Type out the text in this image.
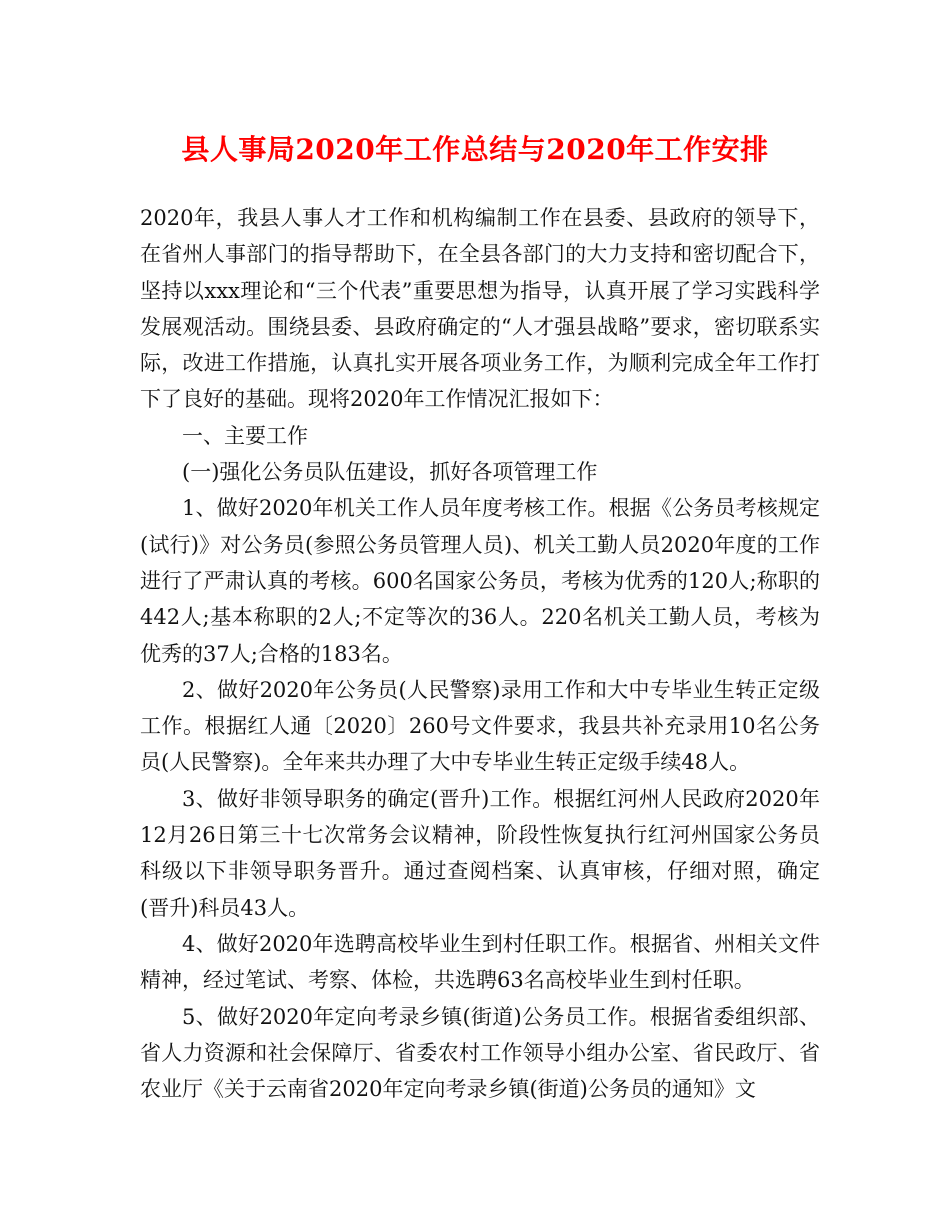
县人事局2020年工作总结与2020年工作安排

2020年，我县人事人才工作和机构编制工作在县委、县政府的领导下，在省州人事部门的指导帮助下，在全县各部门的大力支持和密切配合下，坚持以xxx理论和“三个代表”重要思想为指导，认真开展了学习实践科学发展观活动。围绕县委、县政府确定的“人才强县战略”要求，密切联系实际，改进工作措施，认真扎实开展各项业务工作，为顺利完成全年工作打下了良好的基础。现将2020年工作情况汇报如下：

一、主要工作

(一)强化公务员队伍建设，抓好各项管理工作

1、做好2020年机关工作人员年度考核工作。根据《公务员考核规定(试行)》对公务员(参照公务员管理人员)、机关工勤人员2020年度的工作进行了严肃认真的考核。600名国家公务员，考核为优秀的120人;称职的442人;基本称职的2人;不定等次的36人。220名机关工勤人员，考核为优秀的37人;合格的183名。

2、做好2020年公务员(人民警察)录用工作和大中专毕业生转正定级工作。根据红人通〔2020〕260号文件要求，我县共补充录用10名公务员(人民警察)。全年来共办理了大中专毕业生转正定级手续48人。

3、做好非领导职务的确定(晋升)工作。根据红河州人民政府2020年12月26日第三十七次常务会议精神，阶段性恢复执行红河州国家公务员科级以下非领导职务晋升。通过查阅档案、认真审核，仔细对照，确定(晋升)科员43人。

4、做好2020年选聘高校毕业生到村任职工作。根据省、州相关文件精神，经过笔试、考察、体检，共选聘63名高校毕业生到村任职。

5、做好2020年定向考录乡镇(街道)公务员工作。根据省委组织部、省人力资源和社会保障厅、省委农村工作领导小组办公室、省民政厅、省农业厅《关于云南省2020年定向考录乡镇(街道)公务员的通知》文
